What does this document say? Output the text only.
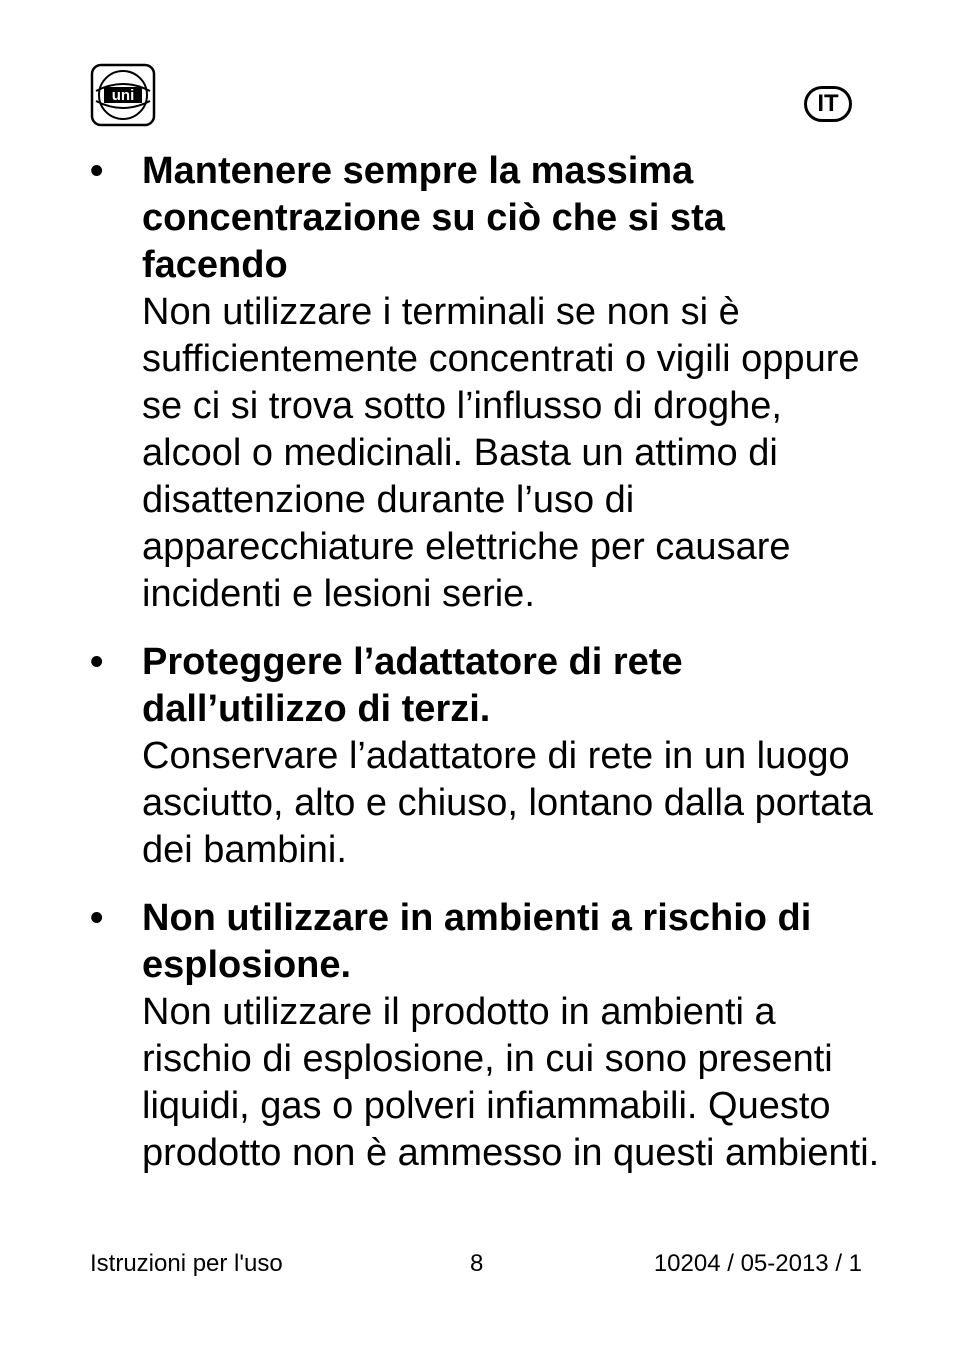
uni	IT
• Mantenere sempre la massima concentrazione su ciò che si sta facendo

Non utilizzare i terminali se non si è sufficientemente concentrati o vigili oppure se ci si trova sotto l’influsso di droghe, alcool o medicinali. Basta un attimo di disattenzione durante l’uso di apparecchiature elettriche per causare incidenti e lesioni serie.

• Proteggere l’adattatore di rete dall’utilizzo di terzi.

Conservare l’adattatore di rete in un luogo asciutto, alto e chiuso, lontano dalla portata dei bambini.

• Non utilizzare in ambienti a rischio di esplosione.

Non utilizzare il prodotto in ambienti a rischio di esplosione, in cui sono presenti liquidi, gas o polveri infiammabili. Questo prodotto non è ammesso in questi ambienti.

Istruzioni per l'uso	8	10204 / 05-2013 / 1
